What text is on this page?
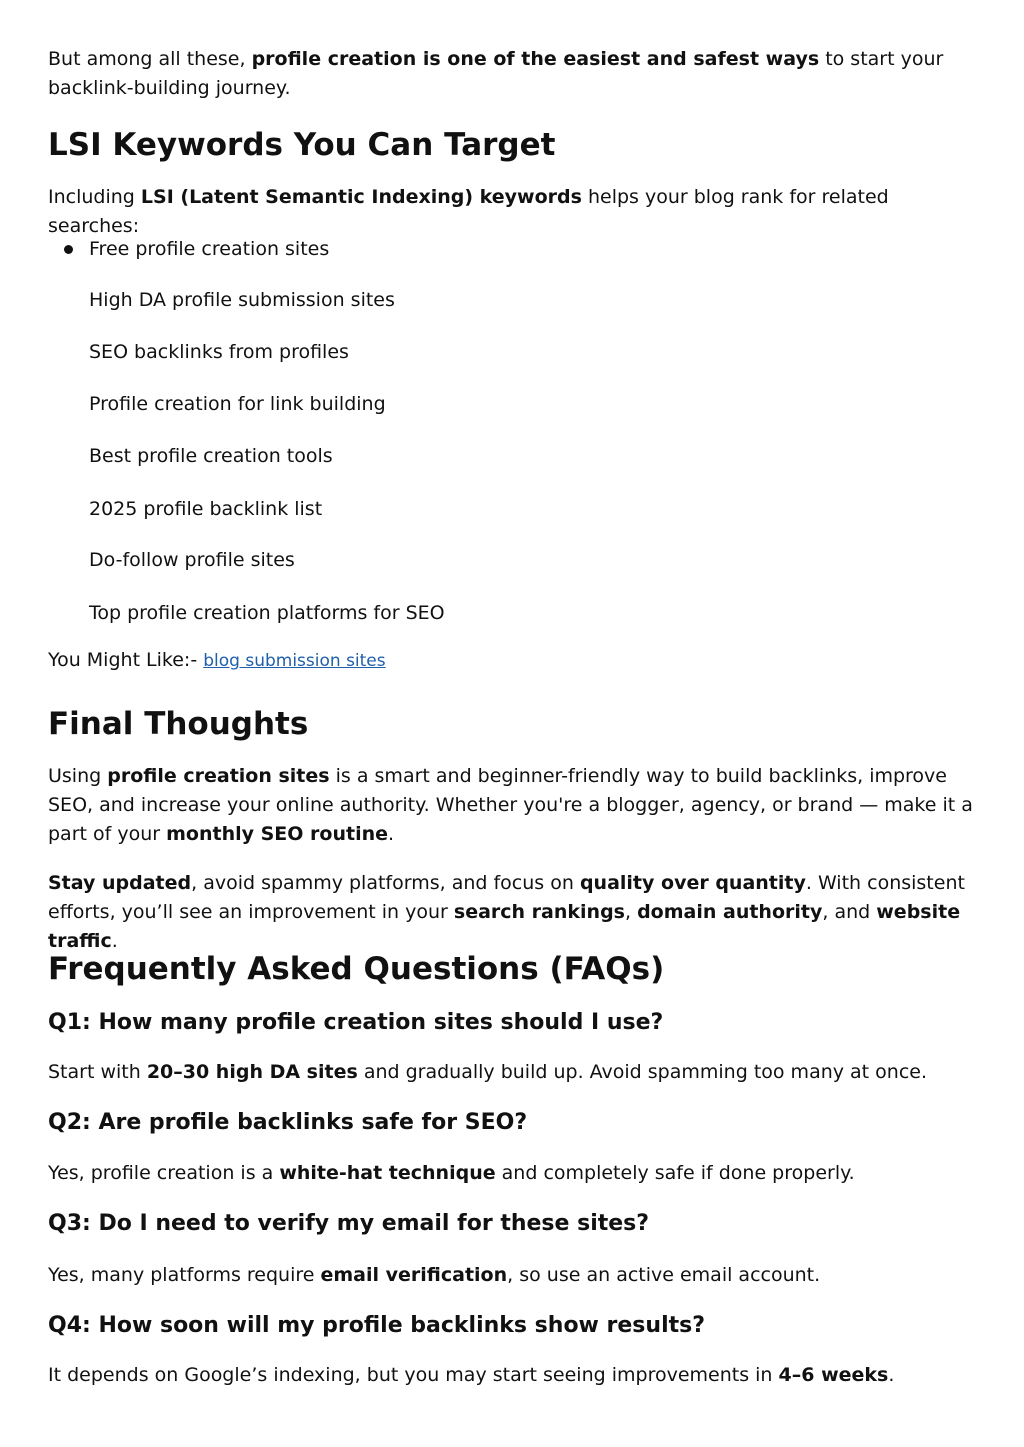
But among all these, profile creation is one of the easiest and safest ways to start your backlink-building journey.

LSI Keywords You Can Target

Including LSI (Latent Semantic Indexing) keywords helps your blog rank for related searches:

Free profile creation sites
High DA profile submission sites
SEO backlinks from profiles
Profile creation for link building
Best profile creation tools
2025 profile backlink list
Do-follow profile sites
Top profile creation platforms for SEO

You Might Like:- blog submission sites

Final Thoughts

Using profile creation sites is a smart and beginner-friendly way to build backlinks, improve SEO, and increase your online authority. Whether you're a blogger, agency, or brand — make it a part of your monthly SEO routine.

Stay updated, avoid spammy platforms, and focus on quality over quantity. With consistent efforts, you’ll see an improvement in your search rankings, domain authority, and website traffic.

Frequently Asked Questions (FAQs)
Q1: How many profile creation sites should I use?

Start with 20–30 high DA sites and gradually build up. Avoid spamming too many at once.

Q2: Are profile backlinks safe for SEO?

Yes, profile creation is a white-hat technique and completely safe if done properly.

Q3: Do I need to verify my email for these sites?

Yes, many platforms require email verification, so use an active email account.

Q4: How soon will my profile backlinks show results?

It depends on Google’s indexing, but you may start seeing improvements in 4–6 weeks.
